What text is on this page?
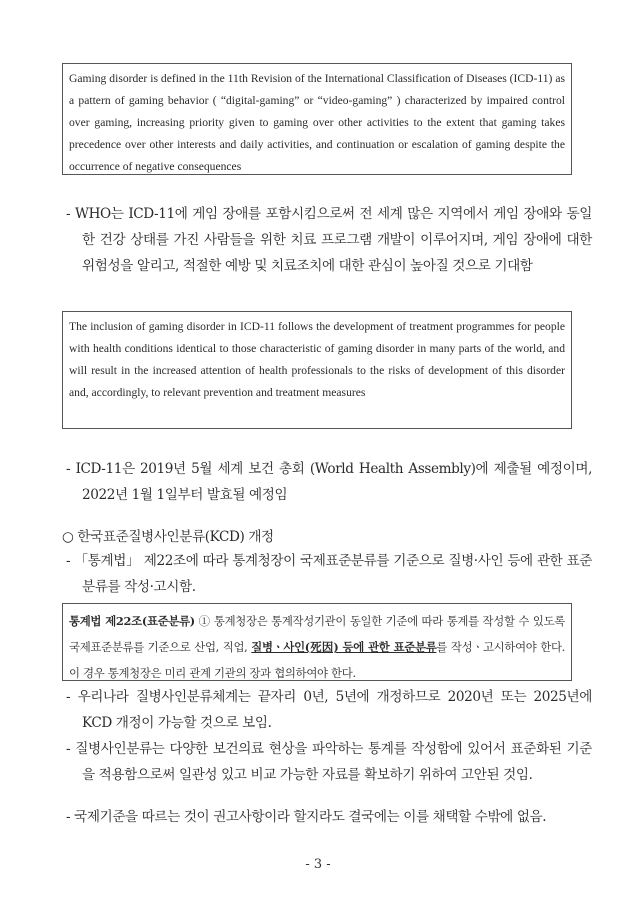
Gaming disorder is defined in the 11th Revision of the International Classification of Diseases (ICD-11) as a pattern of gaming behavior ( “digital-gaming” or “video-gaming” ) characterized by impaired control over gaming, increasing priority given to gaming over other activities to the extent that gaming takes precedence over other interests and daily activities, and continuation or escalation of gaming despite the occurrence of negative consequences
- WHO는 ICD-11에 게임 장애를 포함시킴으로써 전 세계 많은 지역에서 게임 장애와 동일한 건강 상태를 가진 사람들을 위한 치료 프로그램 개발이 이루어지며, 게임 장애에 대한 위험성을 알리고, 적절한 예방 및 치료조치에 대한 관심이 높아질 것으로 기대함
The inclusion of gaming disorder in ICD-11 follows the development of treatment programmes for people with health conditions identical to those characteristic of gaming disorder in many parts of the world, and will result in the increased attention of health professionals to the risks of development of this disorder and, accordingly, to relevant prevention and treatment measures
- ICD-11은 2019년 5월 세계 보건 총회 (World Health Assembly)에 제출될 예정이며, 2022년 1월 1일부터 발효될 예정임
○ 한국표준질병사인분류(KCD) 개정
- 「통계법」 제22조에 따라 통계청장이 국제표준분류를 기준으로 질병·사인 등에 관한 표준분류를 작성·고시함.
통계법 제22조(표준분류) ① 통계청장은 통계작성기관이 동일한 기준에 따라 통계를 작성할 수 있도록 국제표준분류를 기준으로 산업, 직업, 질병ㆍ사인(死因) 등에 관한 표준분류를 작성ㆍ고시하여야 한다. 이 경우 통계청장은 미리 관계 기관의 장과 협의하여야 한다.
- 우리나라 질병사인분류체계는 끝자리 0년, 5년에 개정하므로 2020년 또는 2025년에 KCD 개정이 가능할 것으로 보임.
- 질병사인분류는 다양한 보건의료 현상을 파악하는 통계를 작성함에 있어서 표준화된 기준을 적용함으로써 일관성 있고 비교 가능한 자료를 확보하기 위하여 고안된 것임.
- 국제기준을 따르는 것이 권고사항이라 할지라도 결국에는 이를 채택할 수밖에 없음.
- 3 -
